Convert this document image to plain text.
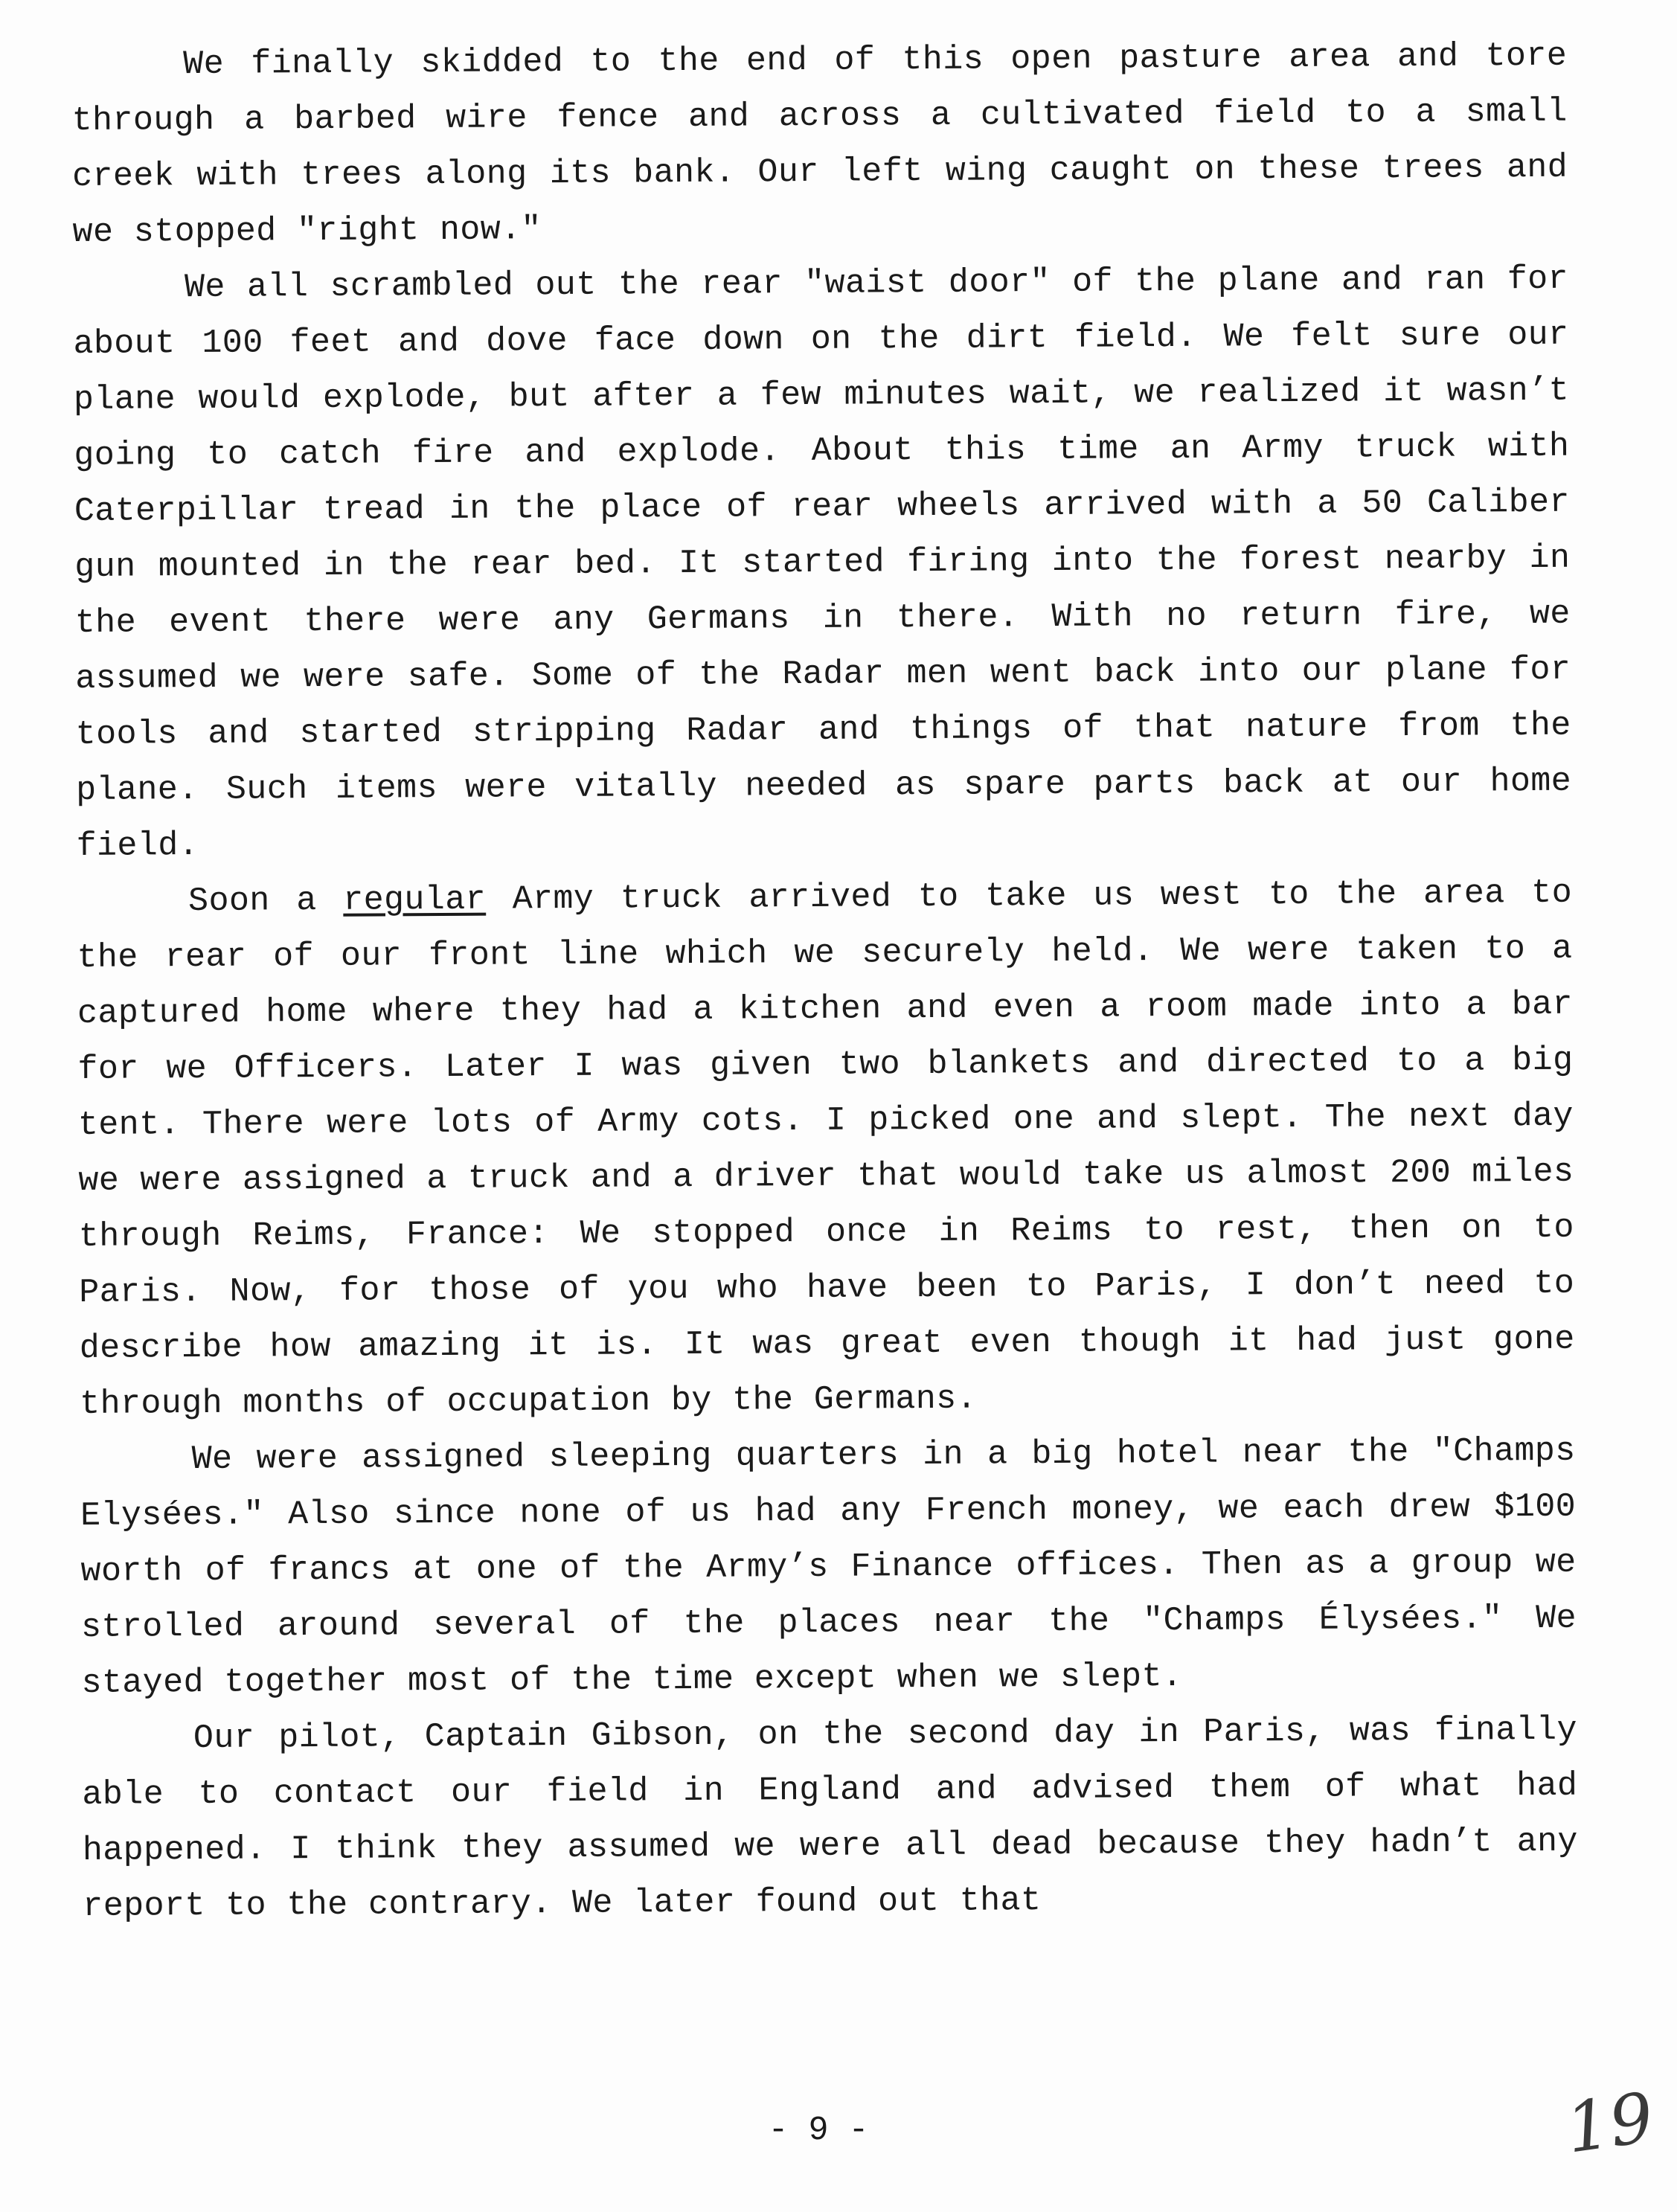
We finally skidded to the end of this open pasture area and tore through a barbed wire fence and across a cultivated field to a small creek with trees along its bank. Our left wing caught on these trees and we stopped "right now."

We all scrambled out the rear "waist door" of the plane and ran for about 100 feet and dove face down on the dirt field. We felt sure our plane would explode, but after a few minutes wait, we realized it wasn’t going to catch fire and explode. About this time an Army truck with Caterpillar tread in the place of rear wheels arrived with a 50 Caliber gun mounted in the rear bed. It started firing into the forest nearby in the event there were any Germans in there. With no return fire, we assumed we were safe. Some of the Radar men went back into our plane for tools and started stripping Radar and things of that nature from the plane. Such items were vitally needed as spare parts back at our home field.

Soon a regular Army truck arrived to take us west to the area to the rear of our front line which we securely held. We were taken to a captured home where they had a kitchen and even a room made into a bar for we Officers. Later I was given two blankets and directed to a big tent. There were lots of Army cots. I picked one and slept. The next day we were assigned a truck and a driver that would take us almost 200 miles through Reims, France: We stopped once in Reims to rest, then on to Paris. Now, for those of you who have been to Paris, I don’t need to describe how amazing it is. It was great even though it had just gone through months of occupation by the Germans.

We were assigned sleeping quarters in a big hotel near the "Champs Elysées." Also since none of us had any French money, we each drew $100 worth of francs at one of the Army’s Finance offices. Then as a group we strolled around several of the places near the "Champs Élysées." We stayed together most of the time except when we slept.

Our pilot, Captain Gibson, on the second day in Paris, was finally able to contact our field in England and advised them of what had happened. I think they assumed we were all dead because they hadn’t any report to the contrary. We later found out that

- 9 -	19
